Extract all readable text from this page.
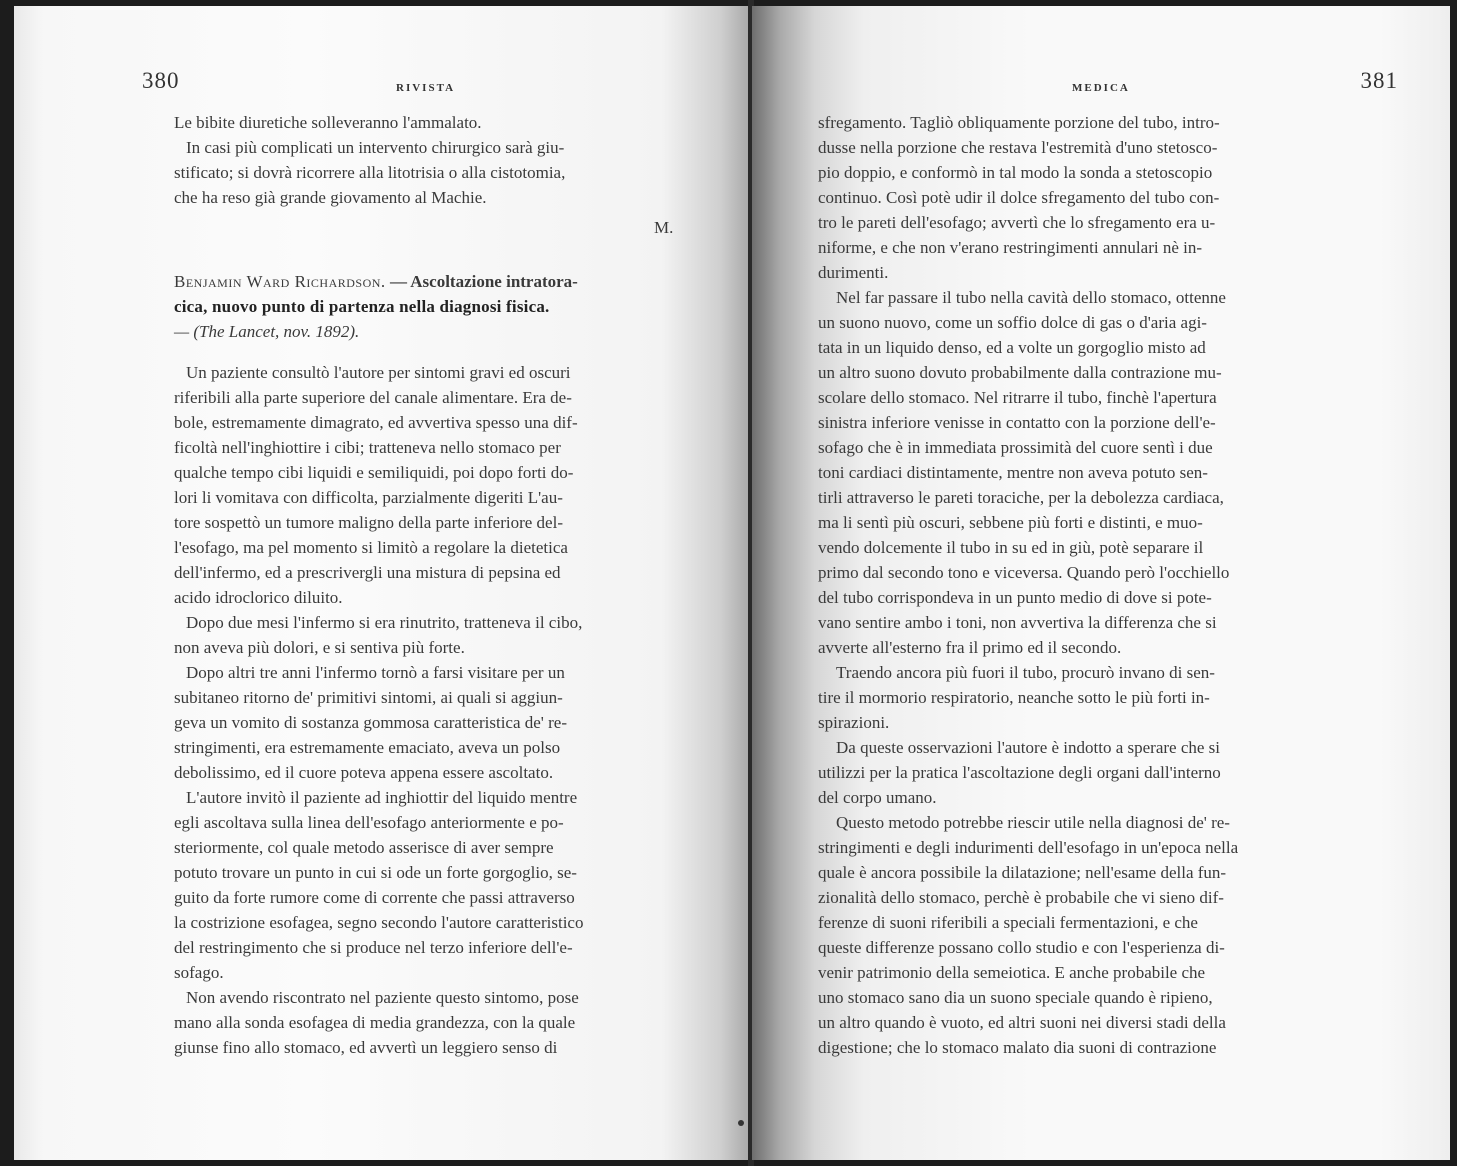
380	RIVISTA
Le bibite diuretiche solleveranno l'ammalato.
In casi più complicati un intervento chirurgico sarà giu-
stificato; si dovrà ricorrere alla litotrisia o alla cistotomia,
che ha reso già grande giovamento al Machie.
M.
Benjamin Ward Richardson. — Ascoltazione intratora-
cica, nuovo punto di partenza nella diagnosi fisica.
— (The Lancet, nov. 1892).
Un paziente consultò l'autore per sintomi gravi ed oscuri
riferibili alla parte superiore del canale alimentare. Era de-
bole, estremamente dimagrato, ed avvertiva spesso una dif-
ficoltà nell'inghiottire i cibi; tratteneva nello stomaco per
qualche tempo cibi liquidi e semiliquidi, poi dopo forti do-
lori li vomitava con difficolta, parzialmente digeriti L'au-
tore sospettò un tumore maligno della parte inferiore del-
l'esofago, ma pel momento si limitò a regolare la dietetica
dell'infermo, ed a prescrivergli una mistura di pepsina ed
acido idroclorico diluito.
Dopo due mesi l'infermo si era rinutrito, tratteneva il cibo,
non aveva più dolori, e si sentiva più forte.
Dopo altri tre anni l'infermo tornò a farsi visitare per un
subitaneo ritorno de' primitivi sintomi, ai quali si aggiun-
geva un vomito di sostanza gommosa caratteristica de' re-
stringimenti, era estremamente emaciato, aveva un polso
debolissimo, ed il cuore poteva appena essere ascoltato.
L'autore invitò il paziente ad inghiottir del liquido mentre
egli ascoltava sulla linea dell'esofago anteriormente e po-
steriormente, col quale metodo asserisce di aver sempre
potuto trovare un punto in cui si ode un forte gorgoglio, se-
guito da forte rumore come di corrente che passi attraverso
la costrizione esofagea, segno secondo l'autore caratteristico
del restringimento che si produce nel terzo inferiore dell'e-
sofago.
Non avendo riscontrato nel paziente questo sintomo, pose
mano alla sonda esofagea di media grandezza, con la quale
giunse fino allo stomaco, ed avvertì un leggiero senso di
MEDICA	381
sfregamento. Tagliò obliquamente porzione del tubo, intro-
dusse nella porzione che restava l'estremità d'uno stetosco-
pio doppio, e conformò in tal modo la sonda a stetoscopio
continuo. Così potè udir il dolce sfregamento del tubo con-
tro le pareti dell'esofago; avvertì che lo sfregamento era u-
niforme, e che non v'erano restringimenti annulari nè in-
durimenti.
Nel far passare il tubo nella cavità dello stomaco, ottenne
un suono nuovo, come un soffio dolce di gas o d'aria agi-
tata in un liquido denso, ed a volte un gorgoglio misto ad
un altro suono dovuto probabilmente dalla contrazione mu-
scolare dello stomaco. Nel ritrarre il tubo, finchè l'apertura
sinistra inferiore venisse in contatto con la porzione dell'e-
sofago che è in immediata prossimità del cuore sentì i due
toni cardiaci distintamente, mentre non aveva potuto sen-
tirli attraverso le pareti toraciche, per la debolezza cardiaca,
ma li sentì più oscuri, sebbene più forti e distinti, e muo-
vendo dolcemente il tubo in su ed in giù, potè separare il
primo dal secondo tono e viceversa. Quando però l'occhiello
del tubo corrispondeva in un punto medio di dove si pote-
vano sentire ambo i toni, non avvertiva la differenza che si
avverte all'esterno fra il primo ed il secondo.
Traendo ancora più fuori il tubo, procurò invano di sen-
tire il mormorio respiratorio, neanche sotto le più forti in-
spirazioni.
Da queste osservazioni l'autore è indotto a sperare che si
utilizzi per la pratica l'ascoltazione degli organi dall'interno
del corpo umano.
Questo metodo potrebbe riescir utile nella diagnosi de' re-
stringimenti e degli indurimenti dell'esofago in un'epoca nella
quale è ancora possibile la dilatazione; nell'esame della fun-
zionalità dello stomaco, perchè è probabile che vi sieno dif-
ferenze di suoni riferibili a speciali fermentazioni, e che
queste differenze possano collo studio e con l'esperienza di-
venir patrimonio della semeiotica. E anche probabile che
uno stomaco sano dia un suono speciale quando è ripieno,
un altro quando è vuoto, ed altri suoni nei diversi stadi della
digestione; che lo stomaco malato dia suoni di contrazione
